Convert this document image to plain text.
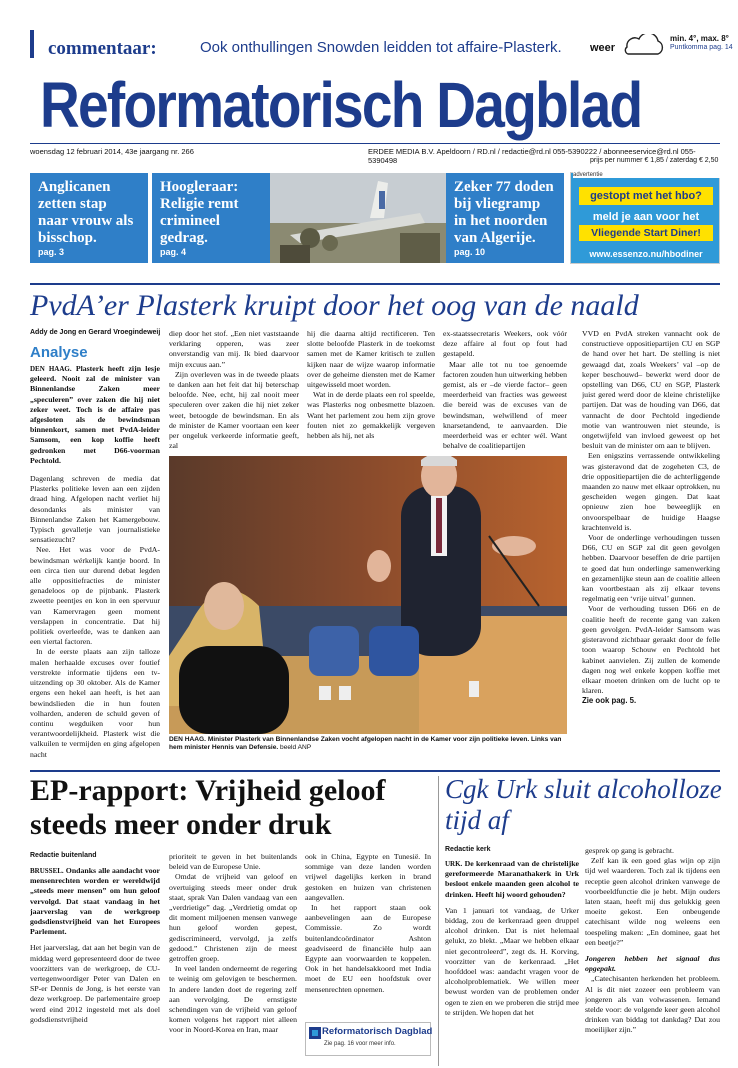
commentaar:	Ook onthullingen Snowden leidden tot affaire-Plasterk.	weer
min. 4°, max. 8°
Puntkomma pag. 14
Reformatorisch Dagblad
woensdag 12 februari 2014, 43e jaargang nr. 266	ERDEE MEDIA B.V. Apeldoorn / RD.nl / redactie@rd.nl 055-5390222 / abonneeservice@rd.nl 055-5390498	prijs per nummer € 1,85 / zaterdag € 2,50
Anglicanen zetten stap naar vrouw als bisschop.
pag. 3
Hoogleraar: Religie remt crimineel gedrag.
pag. 4
Zeker 77 doden bij vliegramp in het noorden van Algerije.
pag. 10
advertentie
gestopt met het hbo?
meld je aan voor het
Vliegende Start Diner!
www.essenzo.nu/hbodiner
PvdA’er Plasterk kruipt door het oog van de naald
Addy de Jong en Gerard Vroegindeweij
Analyse

DEN HAAG. Plasterk heeft zijn lesje geleerd. Nooit zal de minister van Binnenlandse Zaken meer „speculeren” over zaken die hij niet zeker weet. Toch is de affaire pas afgesloten als de bewindsman binnenkort, samen met PvdA-leider Samsom, een kop koffie heeft gedronken met D66-voorman Pechtold.

Dagenlang schreven de media dat Plasterks politieke leven aan een zijden draad hing. Afgelopen nacht verliet hij desondanks als minister van Binnenlandse Zaken het Kamergebouw. Typisch gevalletje van journalistieke sensatiezucht?

Nee. Het was voor de PvdA-bewindsman wérkelijk kantje boord. In een circa tien uur durend debat legden alle oppositiefracties de minister genadeloos op de pijnbank. Plasterk zweette peentjes en kon in een spervuur van Kamervragen geen moment verslappen in concentratie. Dat hij politiek overleefde, was te danken aan een viertal factoren.

In de eerste plaats aan zijn talloze malen herhaalde excuses over foutief verstrekte informatie tijdens een tv-uitzending op 30 oktober. Als de Kamer ergens een hekel aan heeft, is het aan bewindslieden die in hun fouten volharden, anderen de schuld geven of continu wegduiken voor hun verantwoordelijkheid. Plasterk wist die valkuilen te vermijden en ging afgelopen nacht

diep door het stof. „Een niet vaststaande verklaring opperen, was zeer onverstandig van mij. Ik bied daarvoor mijn excuus aan.”

Zijn overleven was in de tweede plaats te danken aan het feit dat hij beterschap beloofde. Nee, echt, hij zal nooit meer speculeren over zaken die hij niet zeker weet, betoogde de bewindsman. En als de minister de Kamer voortaan een keer per ongeluk verkeerde informatie geeft, zal

hij die daarna altijd rectificeren. Ten slotte beloofde Plasterk in de toekomst samen met de Kamer kritisch te zullen kijken naar de wijze waarop informatie over de geheime diensten met de Kamer uitgewisseld moet worden.

Wat in de derde plaats een rol speelde, was Plasterks nog onbesmette blazoen. Want het parlement zou hem zijn grove fouten niet zo gemakkelijk vergeven hebben als hij, net als

ex-staatssecretaris Weekers, ook vóór deze affaire al fout op fout had gestapeld.

Maar alle tot nu toe genoemde factoren zouden hun uitwerking hebben gemist, als er –de vierde factor– geen meerderheid van fracties was geweest die bereid was de excuses van de bewindsman, welwillend of meer knarsetandend, te aanvaarden. Die meerderheid was er echter wél. Want behalve de coalitiepartijen

VVD en PvdA streken vannacht ook de constructieve oppositiepartijen CU en SGP de hand over het hart. De stelling is niet gewaagd dat, zoals Weekers’ val –op de keper beschouwd– bewerkt werd door de opstelling van D66, CU en SGP, Plasterk juist gered werd door de kleine christelijke partijen. Dat was de houding van D66, dat vannacht de door Pechtold ingediende motie van wantrouwen niet steunde, is ongetwijfeld van invloed geweest op het besluit van de minister om aan te blijven.

Een enigszins verrassende ontwikkeling was gisteravond dat de zogeheten C3, de drie oppositiepartijen die de achterliggende maanden zo nauw met elkaar optrokken, nu gescheiden wegen gingen. Dat kaat opnieuw zien hoe beweeglijk en onvoorspelbaar de huidige Haagse krachtenveld is.

Voor de onderlinge verhoudingen tussen D66, CU en SGP zal dit geen gevolgen hebben. Daarvoor beseffen de drie partijen te goed dat hun onderlinge samenwerking en gezamenlijke steun aan de coalitie alleen kan voortbestaan als zij elkaar tevens regelmatig een ‘vrije uitval’ gunnen.

Voor de verhouding tussen D66 en de coalitie heeft de recente gang van zaken geen gevolgen. PvdA-leider Samsom was gisteravond zichtbaar geraakt door de felle toon waarop Schouw en Pechtold het kabinet aanvielen. Zij zullen de komende dagen nog wel enkele koppen koffie met elkaar moeten drinken om de lucht op te klaren.

Zie ook pag. 5.

DEN HAAG. Minister Plasterk van Binnenlandse Zaken vocht afgelopen nacht in de Kamer voor zijn politieke leven. Links van hem minister Hennis van Defensie. beeld ANP
EP-rapport: Vrijheid geloof steeds meer onder druk
Cgk Urk sluit alcoholloze tijd af
Redactie buitenland
Redactie kerk

BRUSSEL. Ondanks alle aandacht voor mensenrechten worden er wereldwijd „steeds meer mensen” om hun geloof vervolgd. Dat staat vandaag in het jaarverslag van de werkgroep godsdienstvrijheid van het Europees Parlement.

Het jaarverslag, dat aan het begin van de middag werd gepresenteerd door de twee voorzitters van de werkgroep, de CU-vertegenwoordiger Peter van Dalen en SP-er Dennis de Jong, is het eerste van deze werkgroep. De parlementaire groep werd eind 2012 ingesteld met als doel godsdienstvrijheid

prioriteit te geven in het buitenlands beleid van de Europese Unie.

Omdat de vrijheid van geloof en overtuiging steeds meer onder druk staat, sprak Van Dalen vandaag van een „verdrietige” dag. „Verdrietig omdat op dit moment miljoenen mensen vanwege hun geloof worden gepest, gediscrimineerd, vervolgd, ja zelfs gedood.” Christenen zijn de meest getroffen groep.

In veel landen onderneemt de regering te weinig om gelovigen te beschermen. In andere landen doet de regering zelf aan vervolging. De ernstigste schendingen van de vrijheid van geloof komen volgens het rapport niet alleen voor in Noord-Korea en Iran, maar

ook in China, Egypte en Tunesië. In sommige van deze landen worden vrijwel dagelijks kerken in brand gestoken en huizen van christenen aangevallen.

In het rapport staan ook aanbevelingen aan de Europese Commissie. Zo wordt buitenlandcoördinator Ashton geadviseerd de financiële hulp aan Egypte aan voorwaarden te koppelen. Ook in het handelsakkoord met India moet de EU een hoofdstuk over mensenrechten opnemen.

Reformatorisch Dagblad
Zie pag. 16 voor meer info.

URK. De kerkenraad van de christelijke gereformeerde Maranathakerk in Urk besloot enkele maanden geen alcohol te drinken. Heeft hij woord gehouden?

Van 1 januari tot vandaag, de Urker biddag, zou de kerkenraad geen druppel alcohol drinken. Dat is niet helemaal gelukt, zo blekt. „Maar we hebben elkaar niet gecontroleerd”, zegt ds. H. Korving, voorzitter van de kerkenraad. „Het hoofddoel was: aandacht vragen voor de alcoholproblematiek. We willen meer bewust worden van de problemen onder ogen te zien en we proberen die strijd mee te strijden. We hopen dat het

gesprek op gang is gebracht.

Zelf kan ik een goed glas wijn op zijn tijd wel waarderen. Toch zal ik tijdens een receptie geen alcohol drinken vanwege de voorbeeldfunctie die je hebt. Mijn ouders laten staan, heeft mij dus gelukkig geen moeite gekost. Een onbeugende catechisant wilde nog weleens een toespeling maken: „En dominee, gaat het een beetje?”

Jongeren hebben het signaal dus opgepakt.

„Catechisanten herkenden het probleem. Al is dit niet zozeer een probleem van jongeren als van volwassenen. Iemand stelde voor: de volgende keer geen alcohol drinken van biddag tot dankdag? Dat zou moeilijker zijn.”
